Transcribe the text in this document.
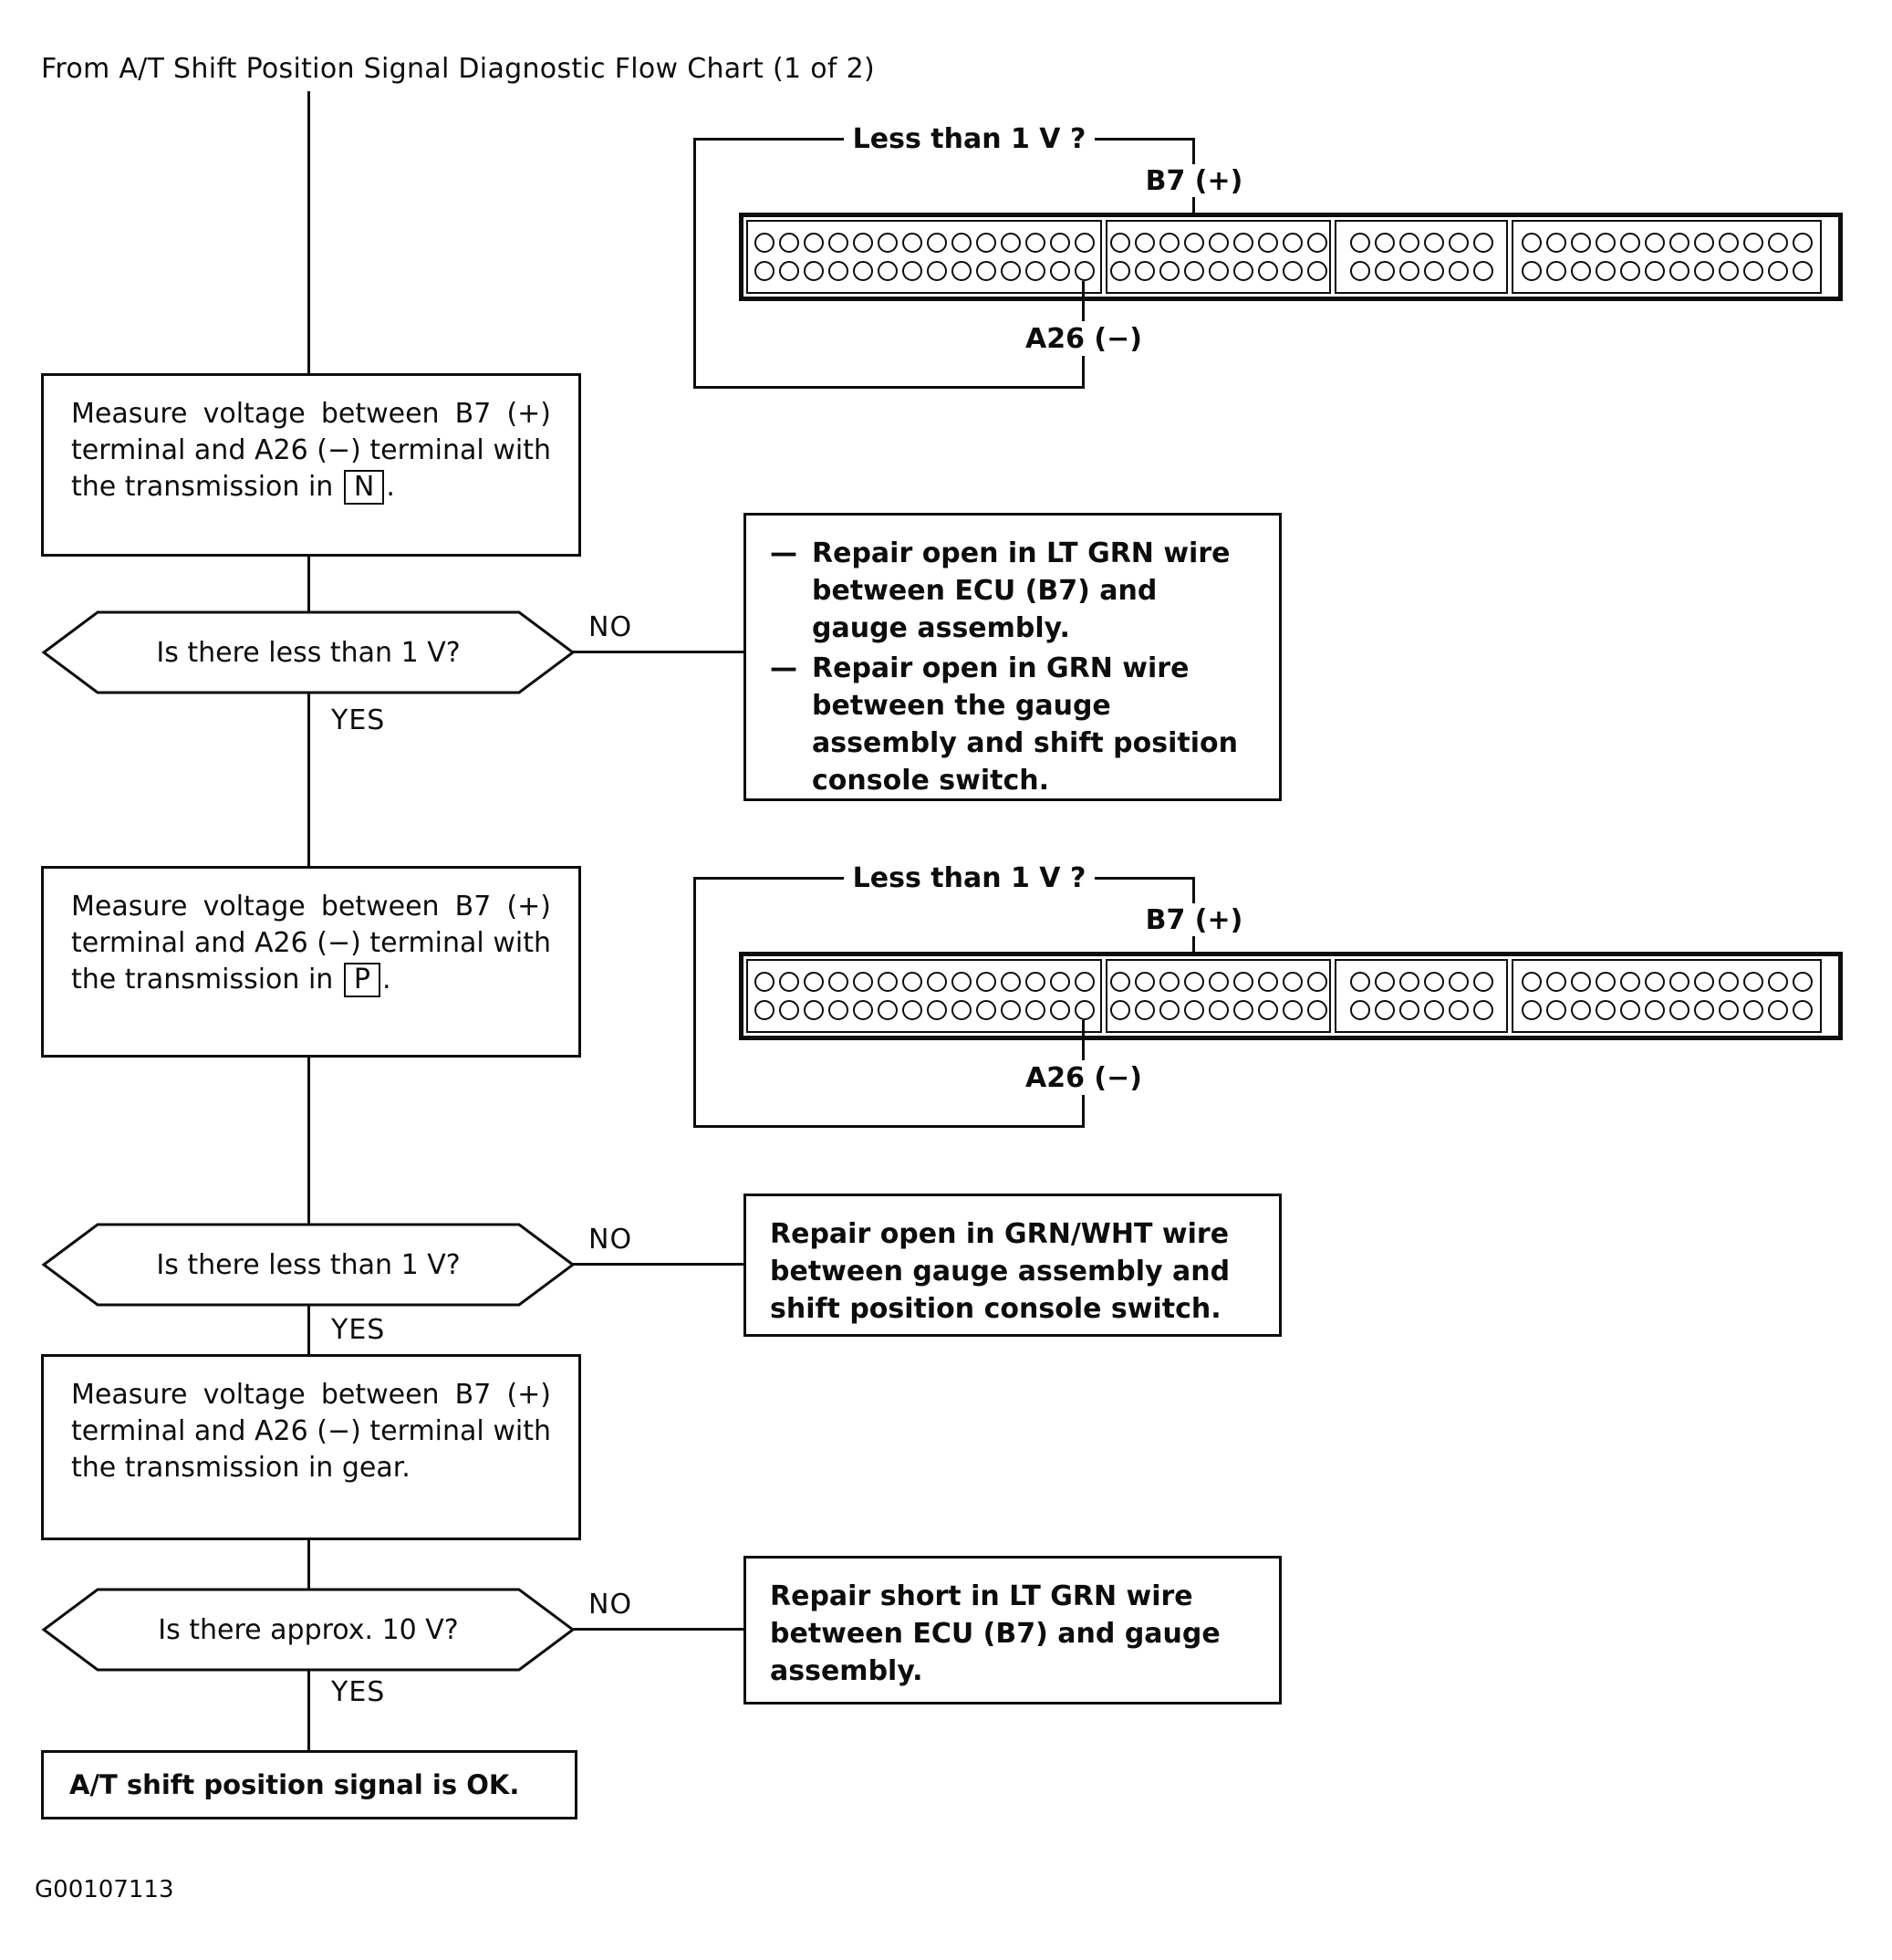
From A/T Shift Position Signal Diagnostic Flow Chart (1 of 2)
Less than 1 V ?
B7 (+)
A26 (−)
Less than 1 V ?
B7 (+)
A26 (−)
Measure voltage between B7 (+) terminal and A26 (−) terminal with the transmission in N .
Is there less than 1 V?
NO
YES
— Repair open in LT GRN wire between ECU (B7) and gauge assembly.
— Repair open in GRN wire between the gauge assembly and shift position console switch.
Measure voltage between B7 (+) terminal and A26 (−) terminal with the transmission in P .
Is there less than 1 V?
NO
YES
Repair open in GRN/WHT wire between gauge assembly and shift position console switch.
Measure voltage between B7 (+) terminal and A26 (−) terminal with the transmission in gear.
Is there approx. 10 V?
NO
YES
Repair short in LT GRN wire between ECU (B7) and gauge assembly.
A/T shift position signal is OK.
G00107113
